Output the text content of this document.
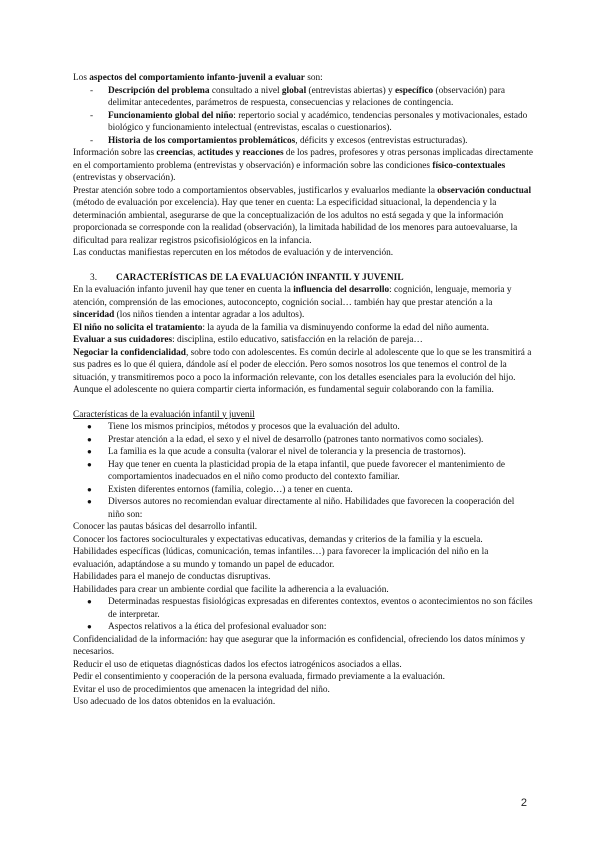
Los aspectos del comportamiento infanto-juvenil a evaluar son:

- Descripción del problema consultado a nivel global (entrevistas abiertas) y específico (observación) para delimitar antecedentes, parámetros de respuesta, consecuencias y relaciones de contingencia.

- Funcionamiento global del niño: repertorio social y académico, tendencias personales y motivacionales, estado biológico y funcionamiento intelectual (entrevistas, escalas o cuestionarios).

- Historia de los comportamientos problemáticos, déficits y excesos (entrevistas estructuradas).

Información sobre las creencias, actitudes y reacciones de los padres, profesores y otras personas implicadas directamente en el comportamiento problema (entrevistas y observación) e información sobre las condiciones físico-contextuales (entrevistas y observación).

Prestar atención sobre todo a comportamientos observables, justificarlos y evaluarlos mediante la observación conductual (método de evaluación por excelencia). Hay que tener en cuenta: La especificidad situacional, la dependencia y la determinación ambiental, asegurarse de que la conceptualización de los adultos no está segada y que la información proporcionada se corresponde con la realidad (observación), la limitada habilidad de los menores para autoevaluarse, la dificultad para realizar registros psicofisiológicos en la infancia.

Las conductas manifiestas repercuten en los métodos de evaluación y de intervención.

3. CARACTERÍSTICAS DE LA EVALUACIÓN INFANTIL Y JUVENIL

En la evaluación infanto juvenil hay que tener en cuenta la influencia del desarrollo: cognición, lenguaje, memoria y atención, comprensión de las emociones, autoconcepto, cognición social… también hay que prestar atención a la sinceridad (los niños tienden a intentar agradar a los adultos).

El niño no solicita el tratamiento: la ayuda de la familia va disminuyendo conforme la edad del niño aumenta.

Evaluar a sus cuidadores: disciplina, estilo educativo, satisfacción en la relación de pareja…

Negociar la confidencialidad, sobre todo con adolescentes. Es común decirle al adolescente que lo que se les transmitirá a sus padres es lo que él quiera, dándole así el poder de elección. Pero somos nosotros los que tenemos el control de la situación, y transmitiremos poco a poco la información relevante, con los detalles esenciales para la evolución del hijo. Aunque el adolescente no quiera compartir cierta información, es fundamental seguir colaborando con la familia.

Características de la evaluación infantil y juvenil

● Tiene los mismos principios, métodos y procesos que la evaluación del adulto.

● Prestar atención a la edad, el sexo y el nivel de desarrollo (patrones tanto normativos como sociales).

● La familia es la que acude a consulta (valorar el nivel de tolerancia y la presencia de trastornos).

● Hay que tener en cuenta la plasticidad propia de la etapa infantil, que puede favorecer el mantenimiento de comportamientos inadecuados en el niño como producto del contexto familiar.

● Existen diferentes entornos (familia, colegio…) a tener en cuenta.

● Diversos autores no recomiendan evaluar directamente al niño. Habilidades que favorecen la cooperación del niño son:

Conocer las pautas básicas del desarrollo infantil.

Conocer los factores socioculturales y expectativas educativas, demandas y criterios de la familia y la escuela.

Habilidades específicas (lúdicas, comunicación, temas infantiles…) para favorecer la implicación del niño en la evaluación, adaptándose a su mundo y tomando un papel de educador.

Habilidades para el manejo de conductas disruptivas.

Habilidades para crear un ambiente cordial que facilite la adherencia a la evaluación.

● Determinadas respuestas fisiológicas expresadas en diferentes contextos, eventos o acontecimientos no son fáciles de interpretar.

● Aspectos relativos a la ética del profesional evaluador son:

Confidencialidad de la información: hay que asegurar que la información es confidencial, ofreciendo los datos mínimos y necesarios.

Reducir el uso de etiquetas diagnósticas dados los efectos iatrogénicos asociados a ellas.

Pedir el consentimiento y cooperación de la persona evaluada, firmado previamente a la evaluación.

Evitar el uso de procedimientos que amenacen la integridad del niño.

Uso adecuado de los datos obtenidos en la evaluación.

2
